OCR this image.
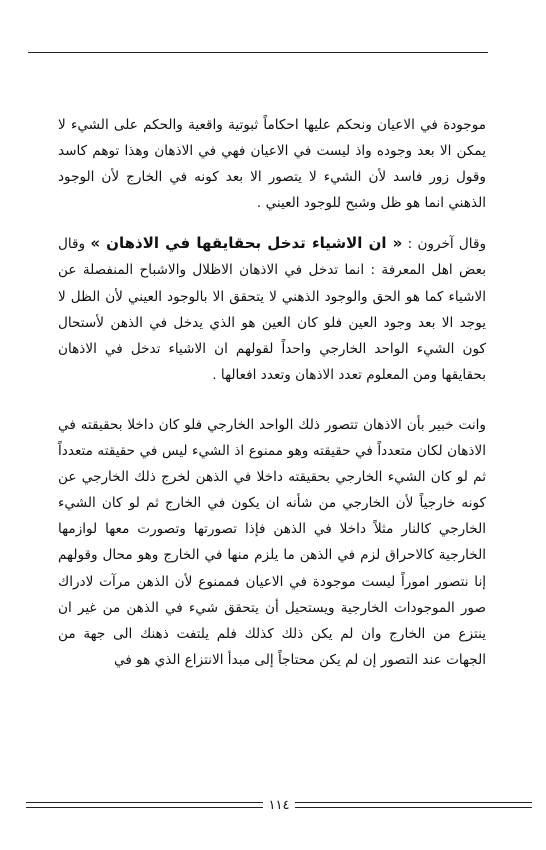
موجودة في الاعيان ونحكم عليها احكاماً ثبوتية واقعية والحكم على الشيء لا يمكن الا بعد وجوده واذ ليست في الاعيان فهي في الاذهان وهذا توهم كاسد وقول زور فاسد لأن الشيء لا يتصور الا بعد كونه في الخارج لأن الوجود الذهني انما هو ظل وشبح للوجود العيني .

وقال آخرون : « ان الاشياء تدخل بحقايقها في الاذهان » وقال بعض اهل المعرفة : انما تدخل في الاذهان الاظلال والاشباح المنفصلة عن الاشياء كما هو الحق والوجود الذهني لا يتحقق الا بالوجود العيني لأن الظل لا يوجد الا بعد وجود العين فلو كان العين هو الذي يدخل في الذهن لأستحال كون الشيء الواحد الخارجي واحداً لقولهم ان الاشياء تدخل في الاذهان بحقايقها ومن المعلوم تعدد الاذهان وتعدد افعالها .

وانت خبير بأن الاذهان تتصور ذلك الواحد الخارجي فلو كان داخلا بحقيقته في الاذهان لكان متعدداً في حقيقته وهو ممنوع اذ الشيء ليس في حقيقته متعدداً ثم لو كان الشيء الخارجي بحقيقته داخلا في الذهن لخرج ذلك الخارجي عن كونه خارجياً لأن الخارجي من شأنه ان يكون في الخارج ثم لو كان الشيء الخارجي كالنار مثلاً داخلا في الذهن فإذا تصورتها وتصورت معها لوازمها الخارجية كالاحراق لزم في الذهن ما يلزم منها في الخارج وهو محال وقولهم إنا نتصور اموراً ليست موجودة في الاعيان فممنوع لأن الذهن مرآت لادراك صور الموجودات الخارجية ويستحيل أن يتحقق شيء في الذهن من غير ان ينتزع من الخارج وان لم يكن ذلك كذلك فلم يلتفت ذهنك الى جهة من الجهات عند التصور إن لم يكن محتاجاً إلى مبدأ الانتزاع الذي هو في

١١٤
